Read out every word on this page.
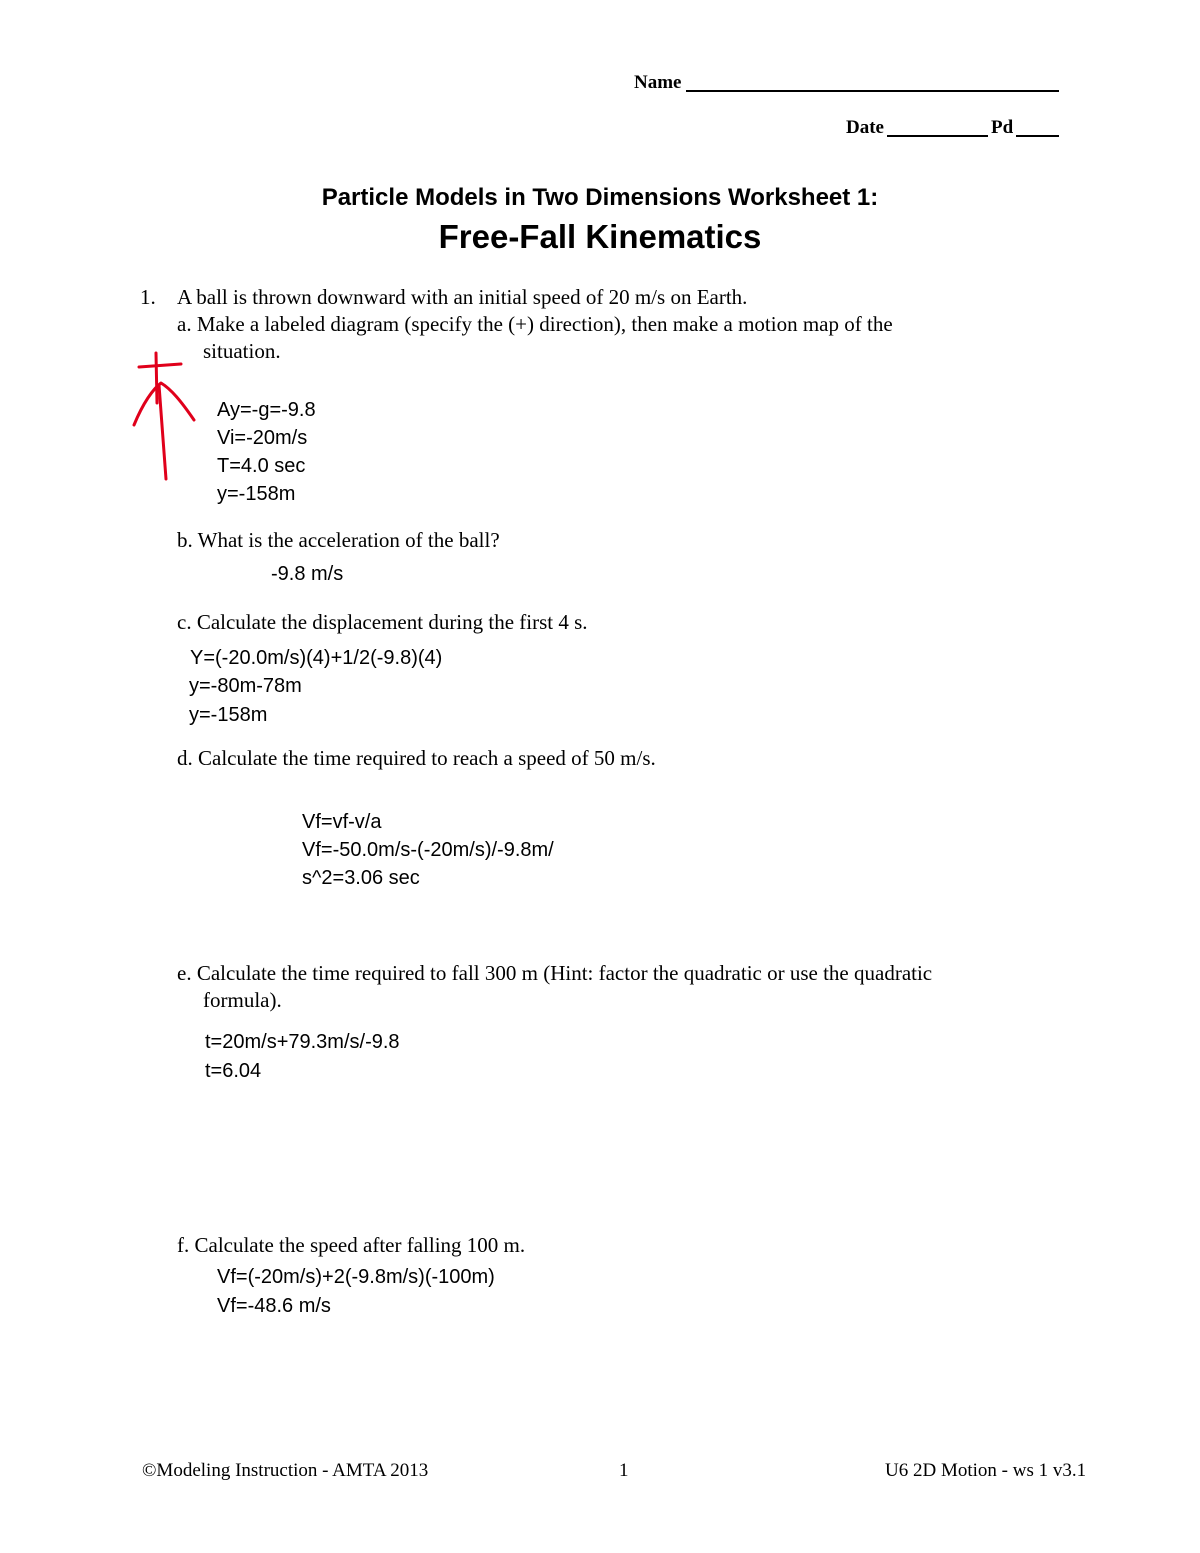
Name
Date	Pd
Particle Models in Two Dimensions Worksheet 1:
Free-Fall Kinematics
1. A ball is thrown downward with an initial speed of 20 m/s on Earth.
a. Make a labeled diagram (specify the (+) direction), then make a motion map of the
situation.
Ay=-g=-9.8
Vi=-20m/s
T=4.0 sec
y=-158m
b. What is the acceleration of the ball?
-9.8 m/s
c. Calculate the displacement during the first 4 s.
Y=(-20.0m/s)(4)+1/2(-9.8)(4)
y=-80m-78m
y=-158m
d. Calculate the time required to reach a speed of 50 m/s.
Vf=vf-v/a
Vf=-50.0m/s-(-20m/s)/-9.8m/
s^2=3.06 sec
e. Calculate the time required to fall 300 m (Hint: factor the quadratic or use the quadratic
formula).
t=20m/s+79.3m/s/-9.8
t=6.04
f. Calculate the speed after falling 100 m.
Vf=(-20m/s)+2(-9.8m/s)(-100m)
Vf=-48.6 m/s
©Modeling Instruction - AMTA 2013	1	U6 2D Motion - ws 1 v3.1
